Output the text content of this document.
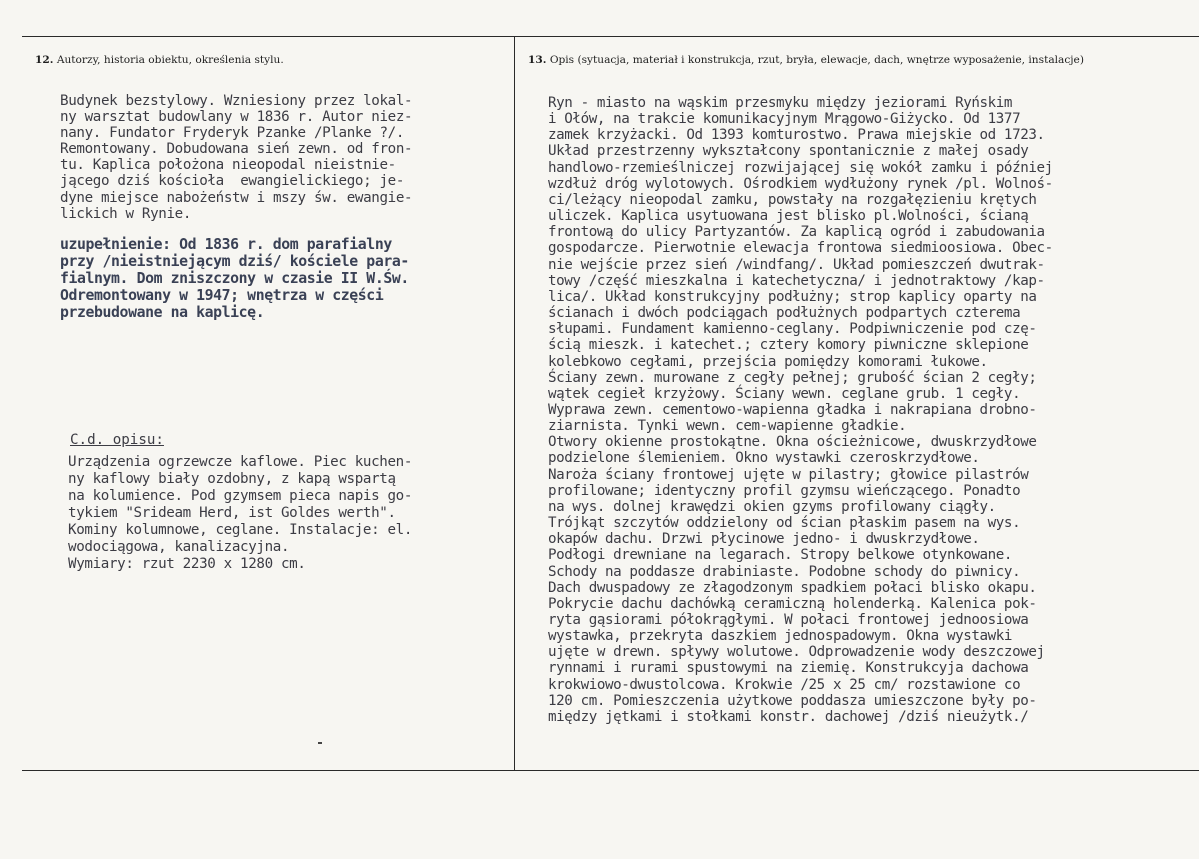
12. Autorzy, historia obiektu, określenia stylu.	13. Opis (sytuacja, materiał i konstrukcja, rzut, bryła, elewacje, dach, wnętrze wyposażenie, instalacje)
Budynek bezstylowy. Wzniesiony przez lokal-
ny warsztat budowlany w 1836 r. Autor niez-
nany. Fundator Fryderyk Pzanke /Planke ?/.
Remontowany. Dobudowana sień zewn. od fron-
tu. Kaplica położona nieopodal nieistnie-
jącego dziś kościoła  ewangielickiego; je-
dyne miejsce nabożeństw i mszy św. ewangie-
lickich w Rynie.
uzupełnienie: Od 1836 r. dom parafialny
przy /nieistniejącym dziś/ kościele para-
fialnym. Dom zniszczony w czasie II W.Św.
Odremontowany w 1947; wnętrza w części
przebudowane na kaplicę.
C.d. opisu:
Urządzenia ogrzewcze kaflowe. Piec kuchen-
ny kaflowy biały ozdobny, z kapą wspartą
na kolumience. Pod gzymsem pieca napis go-
tykiem "Srideam Herd, ist Goldes werth".
Kominy kolumnowe, ceglane. Instalacje: el.
wodociągowa, kanalizacyjna.
Wymiary: rzut 2230 x 1280 cm.
Ryn - miasto na wąskim przesmyku między jeziorami Ryńskim
i Ołów, na trakcie komunikacyjnym Mrągowo-Giżycko. Od 1377
zamek krzyżacki. Od 1393 komturostwo. Prawa miejskie od 1723.
Układ przestrzenny wykształcony spontanicznie z małej osady
handlowo-rzemieślniczej rozwijającej się wokół zamku i później
wzdłuż dróg wylotowych. Ośrodkiem wydłużony rynek /pl. Wolnoś-
ci/leżący nieopodal zamku, powstały na rozgałęzieniu krętych
uliczek. Kaplica usytuowana jest blisko pl.Wolności, ścianą
frontową do ulicy Partyzantów. Za kaplicą ogród i zabudowania
gospodarcze. Pierwotnie elewacja frontowa siedmioosiowa. Obec-
nie wejście przez sień /windfang/. Układ pomieszczeń dwutrak-
towy /część mieszkalna i katechetyczna/ i jednotraktowy /kap-
lica/. Układ konstrukcyjny podłużny; strop kaplicy oparty na
ścianach i dwóch podciągach podłużnych podpartych czterema
słupami. Fundament kamienno-ceglany. Podpiwniczenie pod czę-
ścią mieszk. i katechet.; cztery komory piwniczne sklepione
kolebkowo cegłami, przejścia pomiędzy komorami łukowe.
Ściany zewn. murowane z cegły pełnej; grubość ścian 2 cegły;
wątek cegieł krzyżowy. Ściany wewn. ceglane grub. 1 cegły.
Wyprawa zewn. cementowo-wapienna gładka i nakrapiana drobno-
ziarnista. Tynki wewn. cem-wapienne gładkie.
Otwory okienne prostokątne. Okna ościeżnicowe, dwuskrzydłowe
podzielone ślemieniem. Okno wystawki czeroskrzydłowe.
Naroża ściany frontowej ujęte w pilastry; głowice pilastrów
profilowane; identyczny profil gzymsu wieńczącego. Ponadto
na wys. dolnej krawędzi okien gzyms profilowany ciągły.
Trójkąt szczytów oddzielony od ścian płaskim pasem na wys.
okapów dachu. Drzwi płycinowe jedno- i dwuskrzydłowe.
Podłogi drewniane na legarach. Stropy belkowe otynkowane.
Schody na poddasze drabiniaste. Podobne schody do piwnicy.
Dach dwuspadowy ze złagodzonym spadkiem połaci blisko okapu.
Pokrycie dachu dachówką ceramiczną holenderką. Kalenica pok-
ryta gąsiorami półokrągłymi. W połaci frontowej jednoosiowa
wystawka, przekryta daszkiem jednospadowym. Okna wystawki
ujęte w drewn. spływy wolutowe. Odprowadzenie wody deszczowej
rynnami i rurami spustowymi na ziemię. Konstrukcyja dachowa
krokwiowo-dwustolcowa. Krokwie /25 x 25 cm/ rozstawione co
120 cm. Pomieszczenia użytkowe poddasza umieszczone były po-
między jętkami i stołkami konstr. dachowej /dziś nieużytk./
